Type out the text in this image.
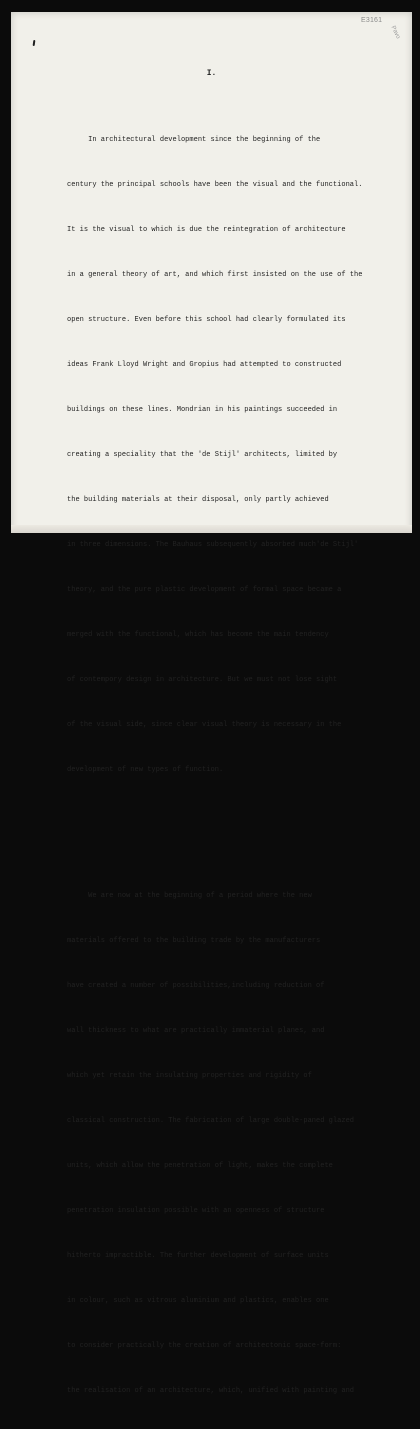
E3161
Pavo
I.

In architectural development since the beginning of the

century the principal schools have been the visual and the functional.

It is the visual to which is due the reintegration of architecture

in a general theory of art, and which first insisted on the use of the

open structure. Even before this school had clearly formulated its

ideas Frank Lloyd Wright and Gropius had attempted to constructed

buildings on these lines. Mondrian in his paintings succeeded in

creating a speciality that the 'de Stijl' architects, limited by

the building materials at their disposal, only partly achieved

in three dimensions. The Bauhaus subsequently absorbed much'de Stijl'

theory, and the pure plastic development of formal space became a

merged with the functional, which has become the main tendency

of contempory design in architecture. But we must not lose sight

of the visual side, since clear visual theory is necessary in the

development of new types of function.

We are now at the beginning of a period where the new

materials offered to the building trade by the manufacturers

have created a number of possibilities,including reduction of

wall thickness to what are practically immaterial planes, and

which yet retain the insulating properties and rigidity of

classical construction. The fabrication of large double-paned glazed

units, which allow the penetration of light, makes the complete

penetration insulation possible with an openness of structure

hitherto impractible. The further development of surface units

in colour, such as vitrous aluminium and plastics, enables one

to consider practically the creation of architectonic space-form:

the realisation of an architecture, which, unified with painting and
